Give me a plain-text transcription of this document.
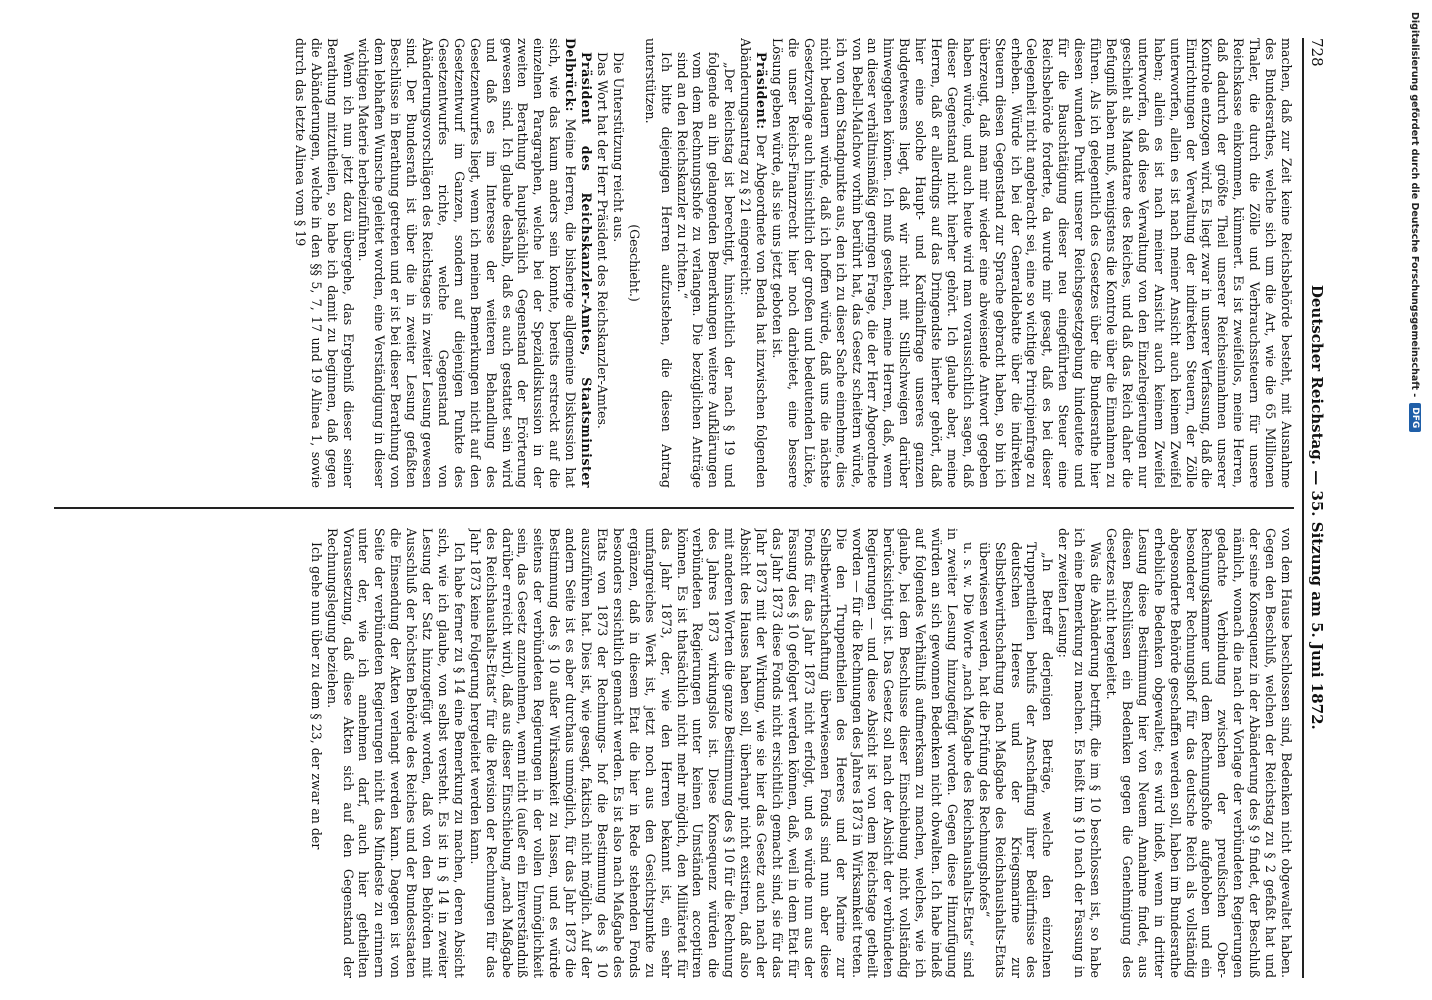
728
Deutscher Reichstag. — 35. Sitzung am 5. Juni 1872.

machen, daß zur Zeit keine Reichsbehörde besteht, mit Ausnahme des Bundesrathes, welche sich um die Art, wie die 65 Millionen Thaler, die durch die Zölle und Verbrauchssteuern für unsere Reichskasse einkommen, kümmert. Es ist zweifellos, meine Herren, daß dadurch der größte Theil unserer Reichseinnahmen unserer Kontrole entzogen wird. Es liegt zwar in unserer Verfassung, daß die Einrichtungen der Verwaltung der indirekten Steuern, der Zölle unterworfen, allein es ist nach meiner Ansicht auch keinem Zweifel haben; allein es ist nach meiner Ansicht auch keinem Zweifel unterworfen, daß diese Verwaltung von den Einzelregierungen nur geschieht als Mandatare des Reiches, und daß das Reich daher die Befugniß haben muß, wenigstens die Kontrole über die Einnahmen zu führen. Als ich gelegentlich des Gesetzes über die Bundesrathe hier diesen wunden Punkt unserer Reichsgesetzgebung hindeutete und für die Bauschtätigung dieser neu eingeführten Steuer eine Reichsbehörde forderte, da wurde mir gesagt, daß es bei dieser Gelegenheit nicht angebracht sei, eine so wichtige Principienfrage zu erheben. Würde ich bei der Generaldebatte über die indirekten Steuern diesen Gegenstand zur Sprache gebracht haben, so bin ich überzeugt, daß man mir wieder eine abweisende Antwort gegeben haben würde, und auch heute wird man voraussichtlich sagen, daß dieser Gegenstand nicht hierher gehört. Ich glaube aber, meine Herren, daß er allerdings auf das Dringendste hierher gehört, daß hier eine solche Haupt- und Kardinalfrage unseres ganzen Budgetwesens liegt, daß wir nicht mit Stillschweigen darüber hinweggehen können. Ich muß gestehen, meine Herren, daß, wenn an dieser verhältnismäßig geringen Frage, die der Herr Abgeordnete von Bebell-Malchow vorhin berührt hat, das Gesetz scheitern würde, ich von dem Standpunkte aus, den ich zu dieser Sache einnehme, dies nicht bedauern würde, daß ich hoffen würde, daß uns die nächste Gesetzvorlage auch hinsichtlich der großen und bedeutenden Lücke, die unser Reichs-Finanzrecht hier noch darbietet, eine bessere Lösung geben würde, als sie uns jetzt geboten ist.

Präsident: Der Abgeordnete von Benda hat inzwischen folgenden Abänderungsantrag zu § 21 eingereicht:

„Der Reichstag ist berechtigt, hinsichtlich der nach § 19 und folgende an ihn gelangenden Bemerkungen weitere Aufklärungen vom dem Rechnungshofe zu verlangen. Die bezüglichen Anträge sind an den Reichskanzler zu richten.“

Ich bitte diejenigen Herren aufzustehen, die diesen Antrag unterstützen.

(Geschieht.)

Die Unterstützung reicht aus.

Das Wort hat der Herr Präsident des Reichskanzler-Amtes.

Präsident des Reichskanzler-Amtes, Staatsminister Delbrück: Meine Herren, die bisherige allgemeine Diskussion hat sich, wie das kaum anders sein konnte, bereits erstreckt auf die einzelnen Paragraphen, welche bei der Spezialdiskussion in der zweiten Berathung hauptsächlich Gegenstand der Erörterung gewesen sind. Ich glaube deshalb, daß es auch gestattet sein wird und daß es im Interesse der weiteren Behandlung des Gesetzentwurfes liegt, wenn ich meinen Bemerkungen nicht auf den Gesetzentwurf im Ganzen, sondern auf diejenigen Punkte des Gesetzentwurfes richte, welche Gegenstand von Abänderungsvorschlägen des Reichstages in zweiter Lesung gewesen sind. Der Bundesrath ist über die in zweiter Lesung gefaßten Beschlüsse in Berathung getreten und er ist bei dieser Berathung von dem lebhaften Wunsche geleitet worden, eine Verständigung in dieser wichtigen Materie herbeizuführen.

Wenn ich nun jetzt dazu übergehe, das Ergebniß dieser seiner Berathung mitzutheilen, so habe ich damit zu beginnen, daß gegen die Abänderungen, welche in den §§ 5, 7, 17 und 19 Alinea 1, sowie durch das letzte Alinea vom § 19

von dem Hause beschlossen sind, Bedenken nicht obgewaltet haben. Gegen den Beschluß, welchen der Reichstag zu § 2 gefaßt hat und der seine Konsequenz in der Abänderung des § 9 findet, der Beschluß nämlich, wonach die nach der Vorlage der verbündeten Regierungen gedachte Verbindung zwischen der preußischen Ober-Rechnungskammer und dem Rechnungshofe aufgehoben und ein besonderer Rechnungshof für das deutsche Reich als vollständig abgesonderte Behörde geschaffen werden soll, haben im Bundesrathe erhebliche Bedenken obgewaltet; es wird indeß, wenn in dritter Lesung diese Bestimmung hier von Neuem Annahme findet, aus diesen Beschlüssen ein Bedenken gegen die Genehmigung des Gesetzes nicht hergeleitet.

Was die Abänderung betrifft, die im § 10 beschlossen ist, so habe ich eine Bemerkung zu machen. Es heißt im § 10 nach der Fassung in der zweiten Lesung:

„In Betreff derjenigen Beträge, welche den einzelnen Truppentheilen behufs der Anschaffung ihrer Bedürfnisse des deutschen Heeres und der Kriegsmarine zur Selbstbewirthschaftung nach Maßgabe des Reichshaushalts-Etats überwiesen werden, hat die Prüfung des Rechnungshofes“

u. s. w. Die Worte „nach Maßgabe des Reichshaushalts-Etats“ sind in zweiter Lesung hinzugefügt worden. Gegen diese Hinzufügung würden an sich gewonnen Bedenken nicht obwalten. Ich habe indeß auf folgendes Verhältniß aufmerksam zu machen, welches, wie ich glaube, bei dem Beschlusse dieser Einschiebung nicht vollständig berücksichtigt ist. Das Gesetz soll nach der Absicht der verbündeten Regierungen — und diese Absicht ist von dem Reichstage getheilt worden — für die Rechnungen des Jahres 1873 in Wirksamkeit treten. Die den Truppentheilen des Heeres und der Marine zur Selbstbewirthschaftung überwiesenen Fonds sind nun aber diese Fonds für das Jahr 1873 nicht erfolgt, und es würde nun aus der Fassung des § 10 gefolgert werden können, daß, weil in dem Etat für das Jahr 1873 diese Fonds nicht ersichtlich gemacht sind, sie für das Jahr 1873 mit der Wirkung, wie sie hier das Gesetz auch nach der Absicht des Hauses haben soll, überhaupt nicht existiren, daß also mit anderen Worten die ganze Bestimmung des § 10 für die Rechnung des Jahres 1873 wirkungslos ist. Diese Konsequenz würden die verbündeten Regierungen unter keinen Umständen acceptiren können. Es ist thatsächlich nicht mehr möglich, den Militäretat für das Jahr 1873, der, wie den Herren bekannt ist, ein sehr umfangreiches Werk ist, jetzt noch aus den Gesichtspunkte zu ergänzen, daß in diesem Etat die hier in Rede stehenden Fonds besonders ersichtlich gemacht werden. Es ist also nach Maßgabe des Etats von 1873 der Rechnungs- hof die Bestimmung des § 10 auszuführen hat. Dies ist, wie gesagt, faktisch nicht möglich. Auf der andern Seite ist es aber durchaus unmöglich, für das Jahr 1873 die Bestimmung des § 10 außer Wirksamkeit zu lassen, und es würde seitens der verbündeten Regierungen in der vollen Unmöglichkeit sein, das Gesetz anzunehmen, wenn nicht (außer ein Einverständniß darüber erreicht wird), daß aus dieser Einschiebung „nach Maßgabe des Reichshaushalts-Etats“ für die Revision der Rechnungen für das Jahr 1873 keine Folgerung hergeleitet werden kann.

Ich habe ferner zu § 14 eine Bemerkung zu machen, deren Absicht sich, wie ich glaube, von selbst versteht. Es ist in § 14 in zweiter Lesung der Satz hinzugefügt worden, daß von den Behörden mit Ausschluß der höchsten Behörde des Reiches und der Bundesstaaten die Einsendung der Akten verlangt werden kann. Dagegen ist von Seite der verbündeten Regierungen nicht das Mindeste zu erinnern unter der, wie ich annehmen darf, auch hier getheilten Voraussetzung, daß diese Akten sich auf den Gegenstand der Rechnungslegung beziehen.

Ich gehe nun über zu dem § 23, der zwar an der

Digitalisierung gefördert durch die Deutsche Forschungsgemeinschaft -
DFG
